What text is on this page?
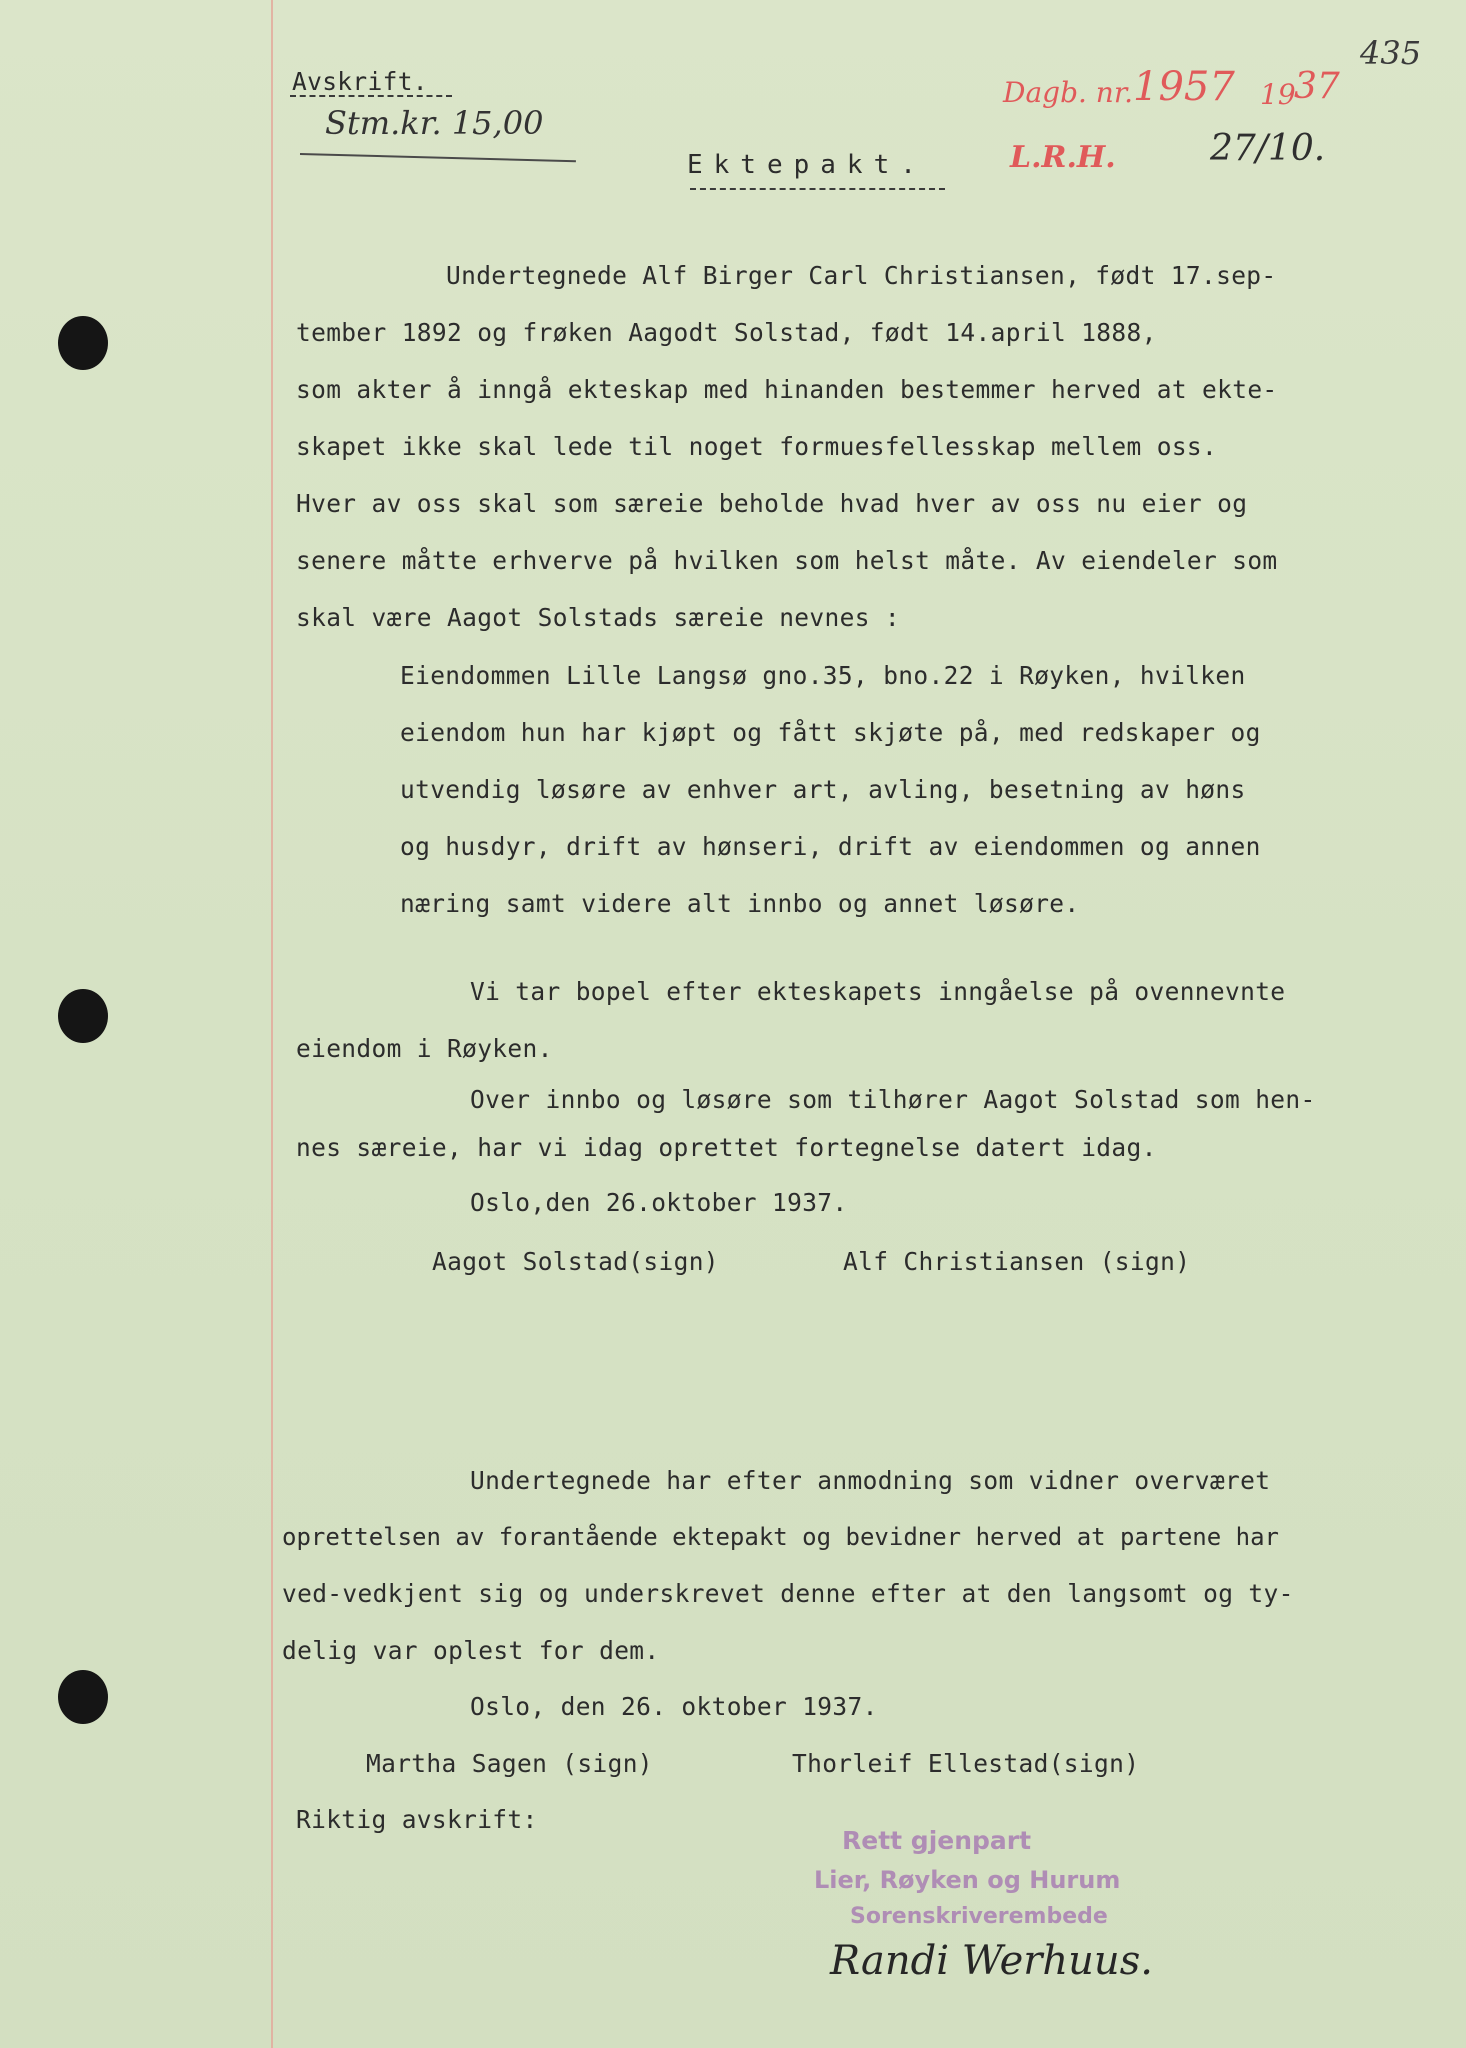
Avskrift.
Stm.kr. 15,00
Dagb. nr. 1957 19
37
435
L.R.H.	27/10.
Ektepakt.
Undertegnede Alf Birger Carl Christiansen, født 17.sep-
tember 1892 og frøken Aagodt Solstad, født 14.april 1888,
som akter å inngå ekteskap med hinanden bestemmer herved at ekte-
skapet ikke skal lede til noget formuesfellesskap mellem oss.
Hver av oss skal som særeie beholde hvad hver av oss nu eier og
senere måtte erhverve på hvilken som helst måte. Av eiendeler som
skal være Aagot Solstads særeie nevnes :
Eiendommen Lille Langsø gno.35, bno.22 i Røyken, hvilken
eiendom hun har kjøpt og fått skjøte på, med redskaper og
utvendig løsøre av enhver art, avling, besetning av høns
og husdyr, drift av hønseri, drift av eiendommen og annen
næring samt videre alt innbo og annet løsøre.
Vi tar bopel efter ekteskapets inngåelse på ovennevnte
eiendom i Røyken.
Over innbo og løsøre som tilhører Aagot Solstad som hen-
nes særeie, har vi idag oprettet fortegnelse datert idag.
Oslo,den 26.oktober 1937.
Aagot Solstad(sign)	Alf Christiansen (sign)
Undertegnede har efter anmodning som vidner overværet
oprettelsen av forantående ektepakt og bevidner herved at partene har
ved-vedkjent sig og underskrevet denne efter at den langsomt og ty-
delig var oplest for dem.
Oslo, den 26. oktober 1937.
Martha Sagen (sign)	Thorleif Ellestad(sign)
Riktig avskrift:
Rett gjenpart
Lier, Røyken og Hurum
Sorenskriverembede
Randi Werhuus.
